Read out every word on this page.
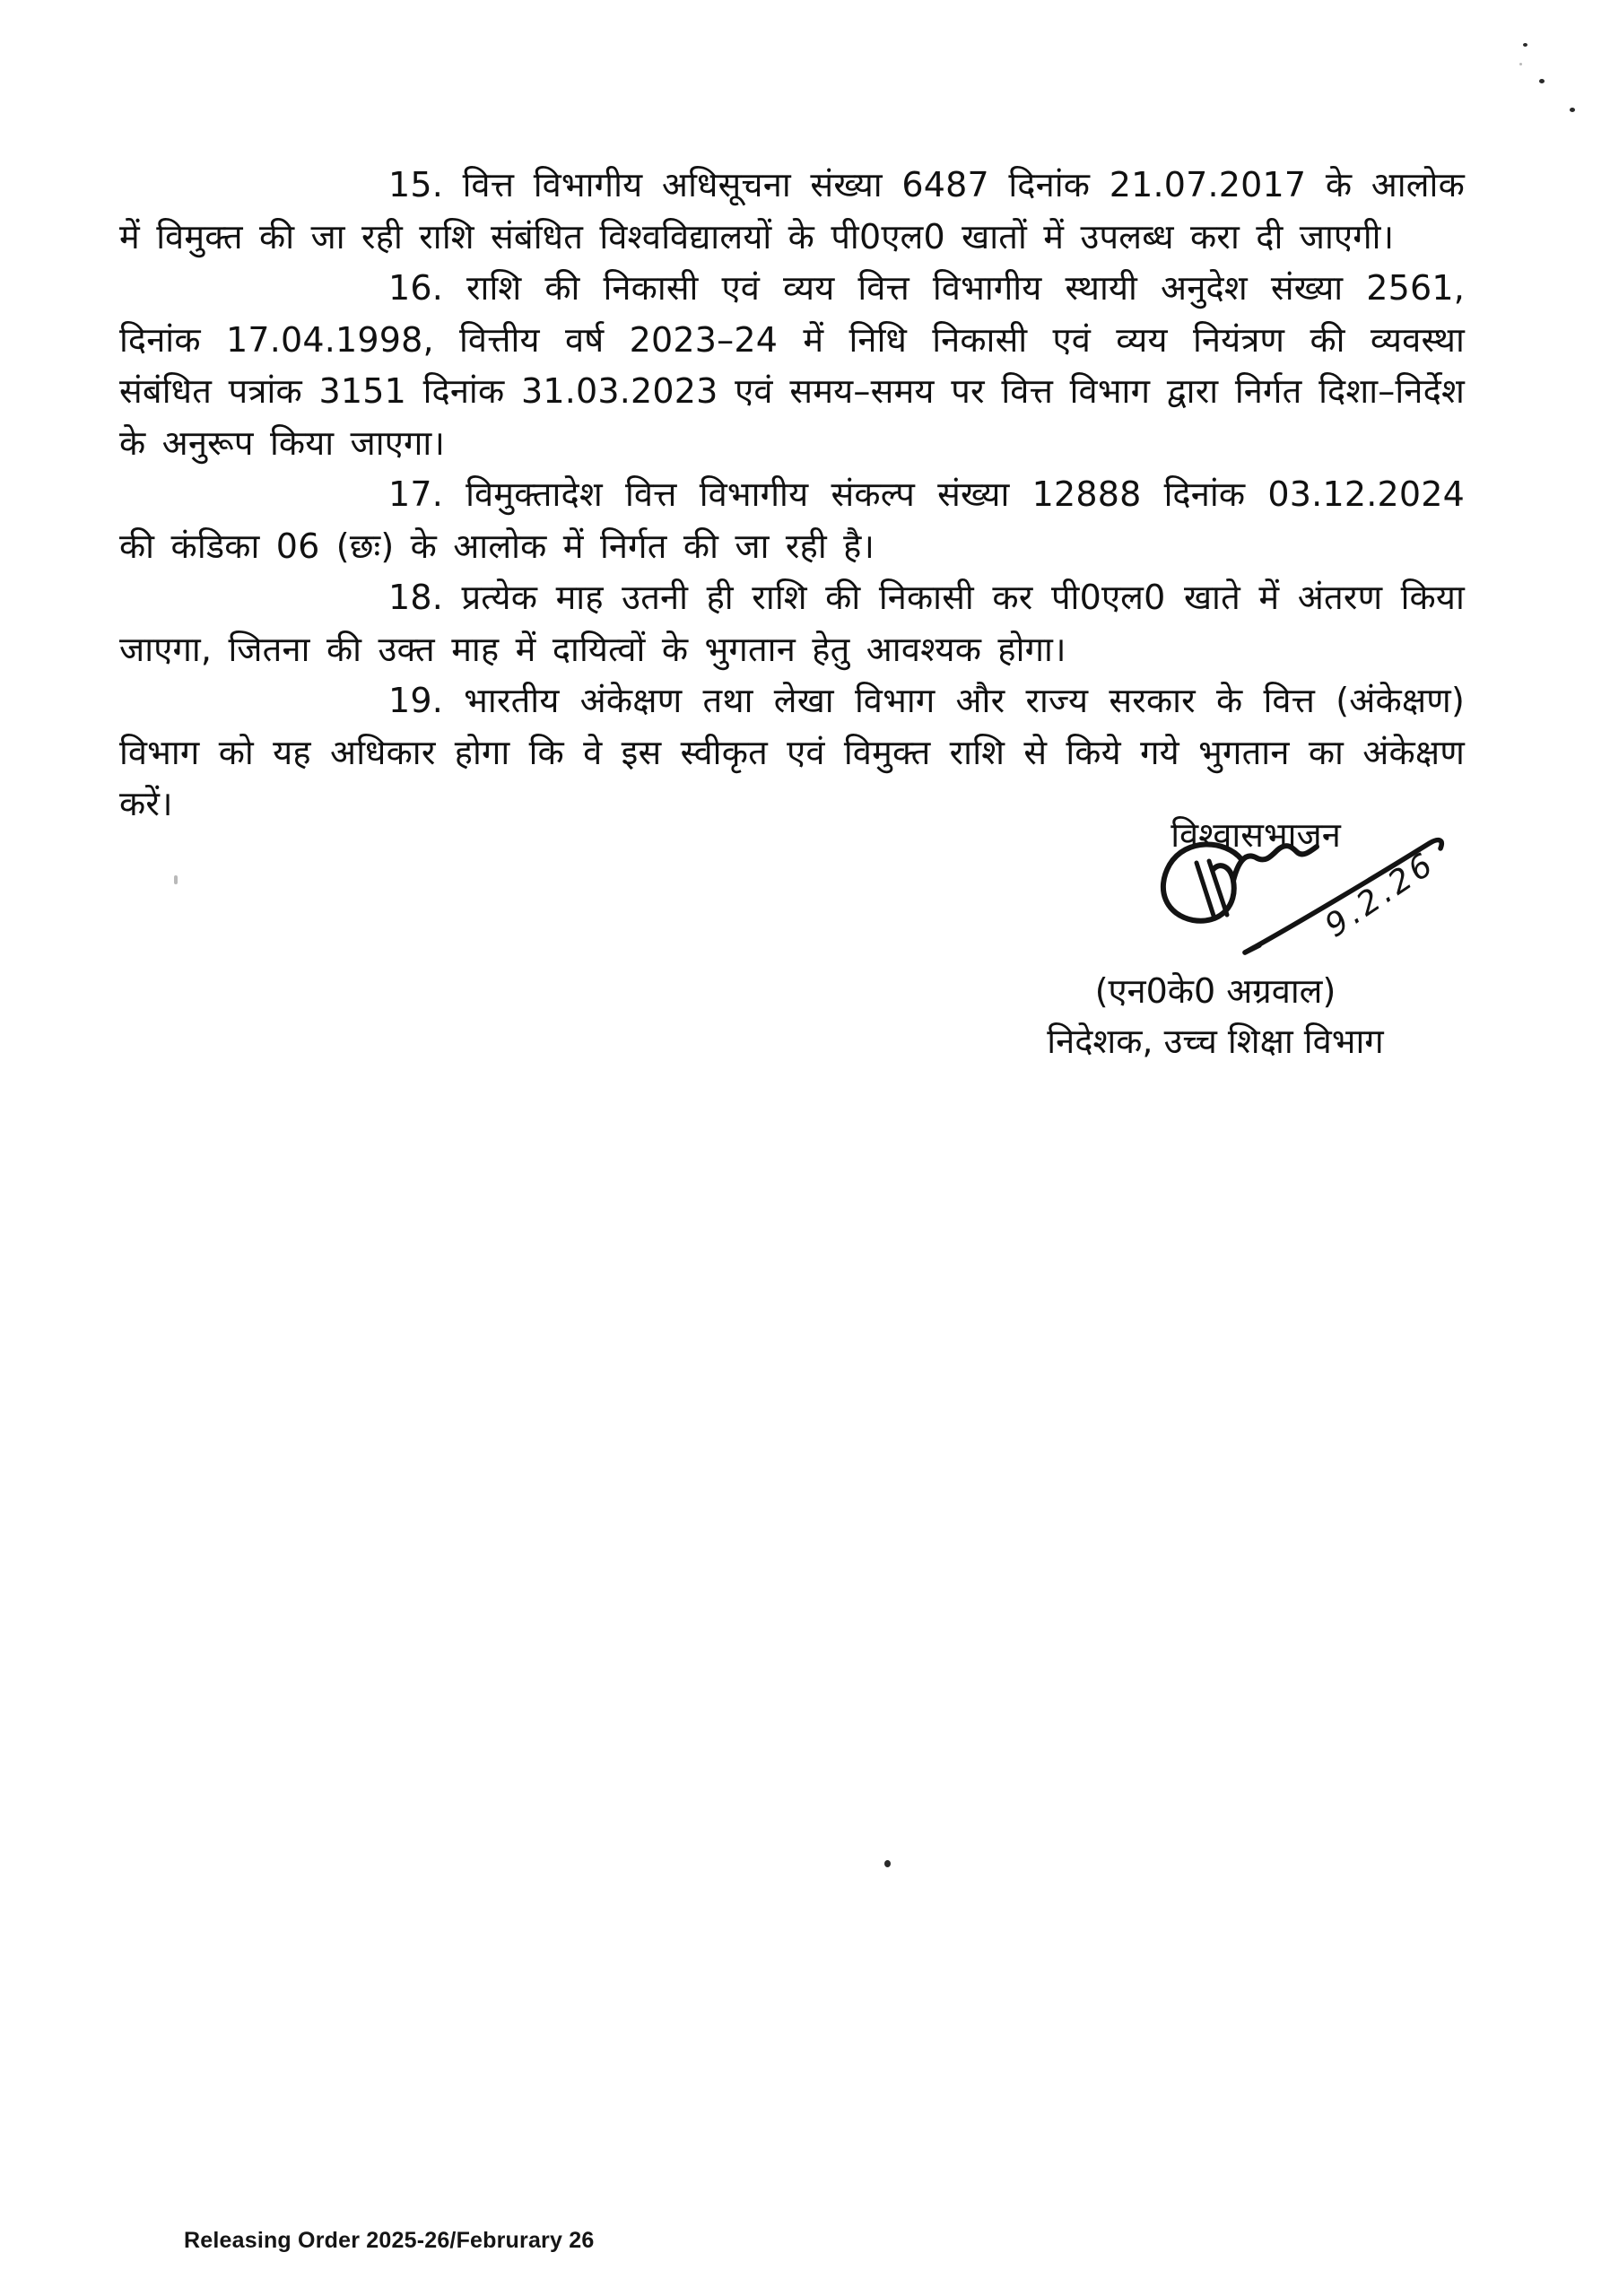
15. वित्त विभागीय अधिसूचना संख्या 6487 दिनांक 21.07.2017 के आलोक में विमुक्त की जा रही राशि संबंधित विश्वविद्यालयों के पी0एल0 खातों में उपलब्ध करा दी जाएगी।

16. राशि की निकासी एवं व्यय वित्त विभागीय स्थायी अनुदेश संख्या 2561, दिनांक 17.04.1998, वित्तीय वर्ष 2023–24 में निधि निकासी एवं व्यय नियंत्रण की व्यवस्था संबंधित पत्रांक 3151 दिनांक 31.03.2023 एवं समय–समय पर वित्त विभाग द्वारा निर्गत दिशा–निर्देश के अनुरूप किया जाएगा।

17. विमुक्तादेश वित्त विभागीय संकल्प संख्या 12888 दिनांक 03.12.2024 की कंडिका 06 (छः) के आलोक में निर्गत की जा रही है।

18. प्रत्येक माह उतनी ही राशि की निकासी कर पी0एल0 खाते में अंतरण किया जाएगा, जितना की उक्त माह में दायित्वों के भुगतान हेतु आवश्यक होगा।

19. भारतीय अंकेक्षण तथा लेखा विभाग और राज्य सरकार के वित्त (अंकेक्षण) विभाग को यह अधिकार होगा कि वे इस स्वीकृत एवं विमुक्त राशि से किये गये भुगतान का अंकेक्षण करें।

विश्वासभाजन
(एन0के0 अग्रवाल)
निदेशक, उच्च शिक्षा विभाग
9.2.26
Releasing Order 2025-26/Februrary 26
